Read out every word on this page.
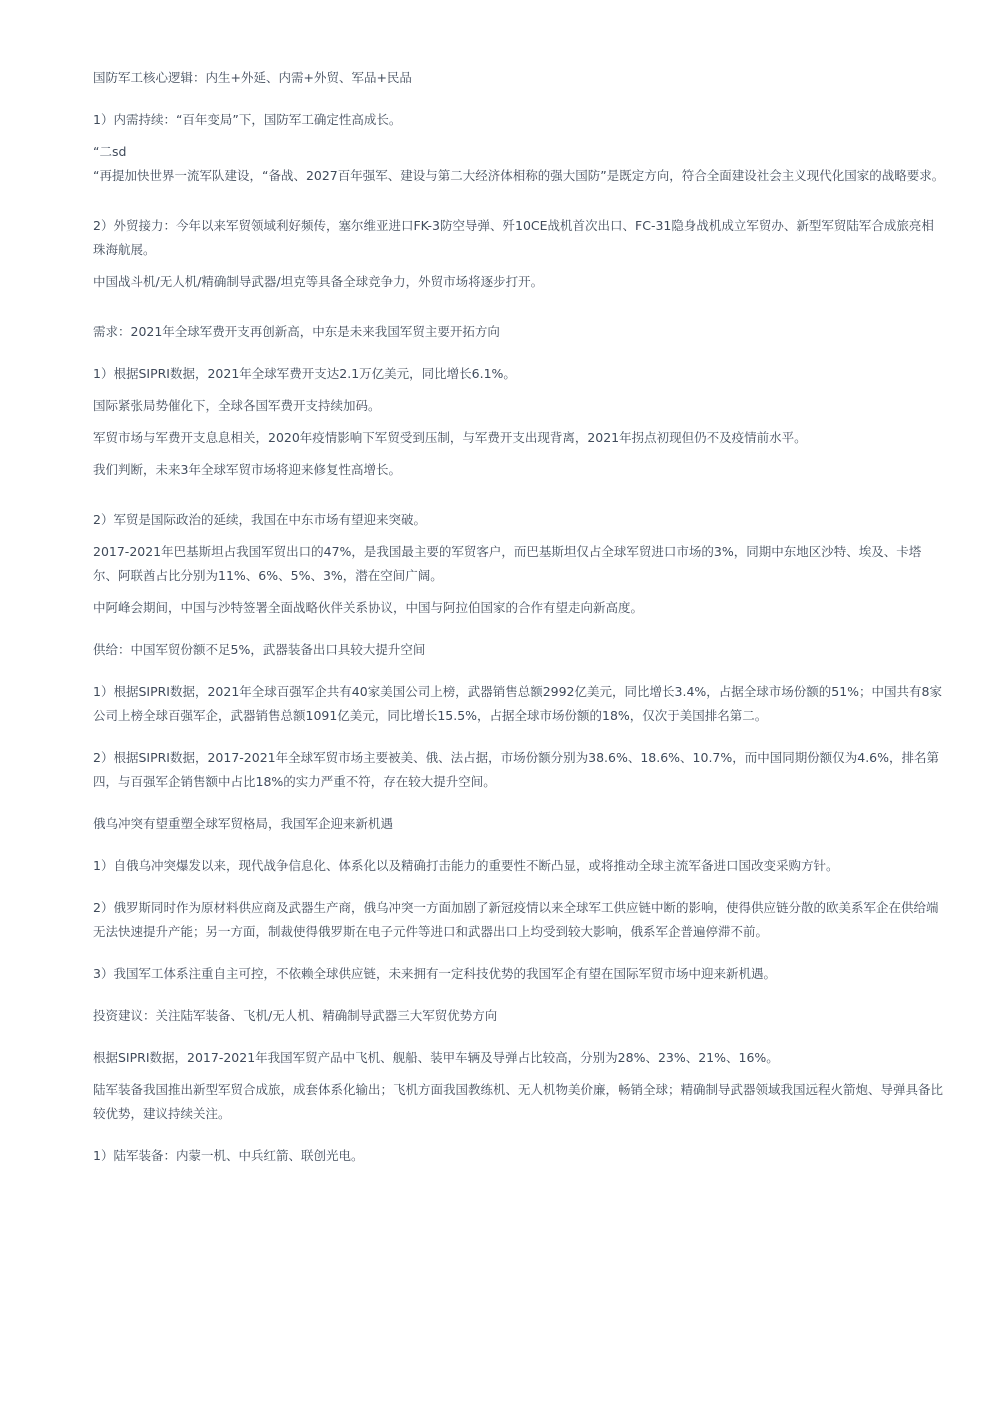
国防军工核心逻辑：内生+外延、内需+外贸、军品+民品

1）内需持续：“百年变局”下，国防军工确定性高成长。

“二sd

“再提加快世界一流军队建设，“备战、2027百年强军、建设与第二大经济体相称的强大国防”是既定方向，符合全面建设社会主义现代化国家的战略要求。

2）外贸接力：今年以来军贸领域利好频传，塞尔维亚进口FK-3防空导弹、歼10CE战机首次出口、FC-31隐身战机成立军贸办、新型军贸陆军合成旅亮相珠海航展。

中国战斗机/无人机/精确制导武器/坦克等具备全球竞争力，外贸市场将逐步打开。

需求：2021年全球军费开支再创新高，中东是未来我国军贸主要开拓方向

1）根据SIPRI数据，2021年全球军费开支达2.1万亿美元，同比增长6.1%。

国际紧张局势催化下，全球各国军费开支持续加码。

军贸市场与军费开支息息相关，2020年疫情影响下军贸受到压制，与军费开支出现背离，2021年拐点初现但仍不及疫情前水平。

我们判断，未来3年全球军贸市场将迎来修复性高增长。

2）军贸是国际政治的延续，我国在中东市场有望迎来突破。

2017-2021年巴基斯坦占我国军贸出口的47%，是我国最主要的军贸客户，而巴基斯坦仅占全球军贸进口市场的3%，同期中东地区沙特、埃及、卡塔尔、阿联酋占比分别为11%、6%、5%、3%，潜在空间广阔。

中阿峰会期间，中国与沙特签署全面战略伙伴关系协议，中国与阿拉伯国家的合作有望走向新高度。

供给：中国军贸份额不足5%，武器装备出口具较大提升空间

1）根据SIPRI数据，2021年全球百强军企共有40家美国公司上榜，武器销售总额2992亿美元，同比增长3.4%，占据全球市场份额的51%；中国共有8家公司上榜全球百强军企，武器销售总额1091亿美元，同比增长15.5%，占据全球市场份额的18%，仅次于美国排名第二。

2）根据SIPRI数据，2017-2021年全球军贸市场主要被美、俄、法占据，市场份额分别为38.6%、18.6%、10.7%，而中国同期份额仅为4.6%，排名第四，与百强军企销售额中占比18%的实力严重不符，存在较大提升空间。

俄乌冲突有望重塑全球军贸格局，我国军企迎来新机遇

1）自俄乌冲突爆发以来，现代战争信息化、体系化以及精确打击能力的重要性不断凸显，或将推动全球主流军备进口国改变采购方针。

2）俄罗斯同时作为原材料供应商及武器生产商，俄乌冲突一方面加剧了新冠疫情以来全球军工供应链中断的影响，使得供应链分散的欧美系军企在供给端无法快速提升产能；另一方面，制裁使得俄罗斯在电子元件等进口和武器出口上均受到较大影响，俄系军企普遍停滞不前。

3）我国军工体系注重自主可控，不依赖全球供应链，未来拥有一定科技优势的我国军企有望在国际军贸市场中迎来新机遇。

投资建议：关注陆军装备、飞机/无人机、精确制导武器三大军贸优势方向

根据SIPRI数据，2017-2021年我国军贸产品中飞机、舰船、装甲车辆及导弹占比较高，分别为28%、23%、21%、16%。

陆军装备我国推出新型军贸合成旅，成套体系化输出；飞机方面我国教练机、无人机物美价廉，畅销全球；精确制导武器领域我国远程火箭炮、导弹具备比较优势，建议持续关注。

1）陆军装备：内蒙一机、中兵红箭、联创光电。
